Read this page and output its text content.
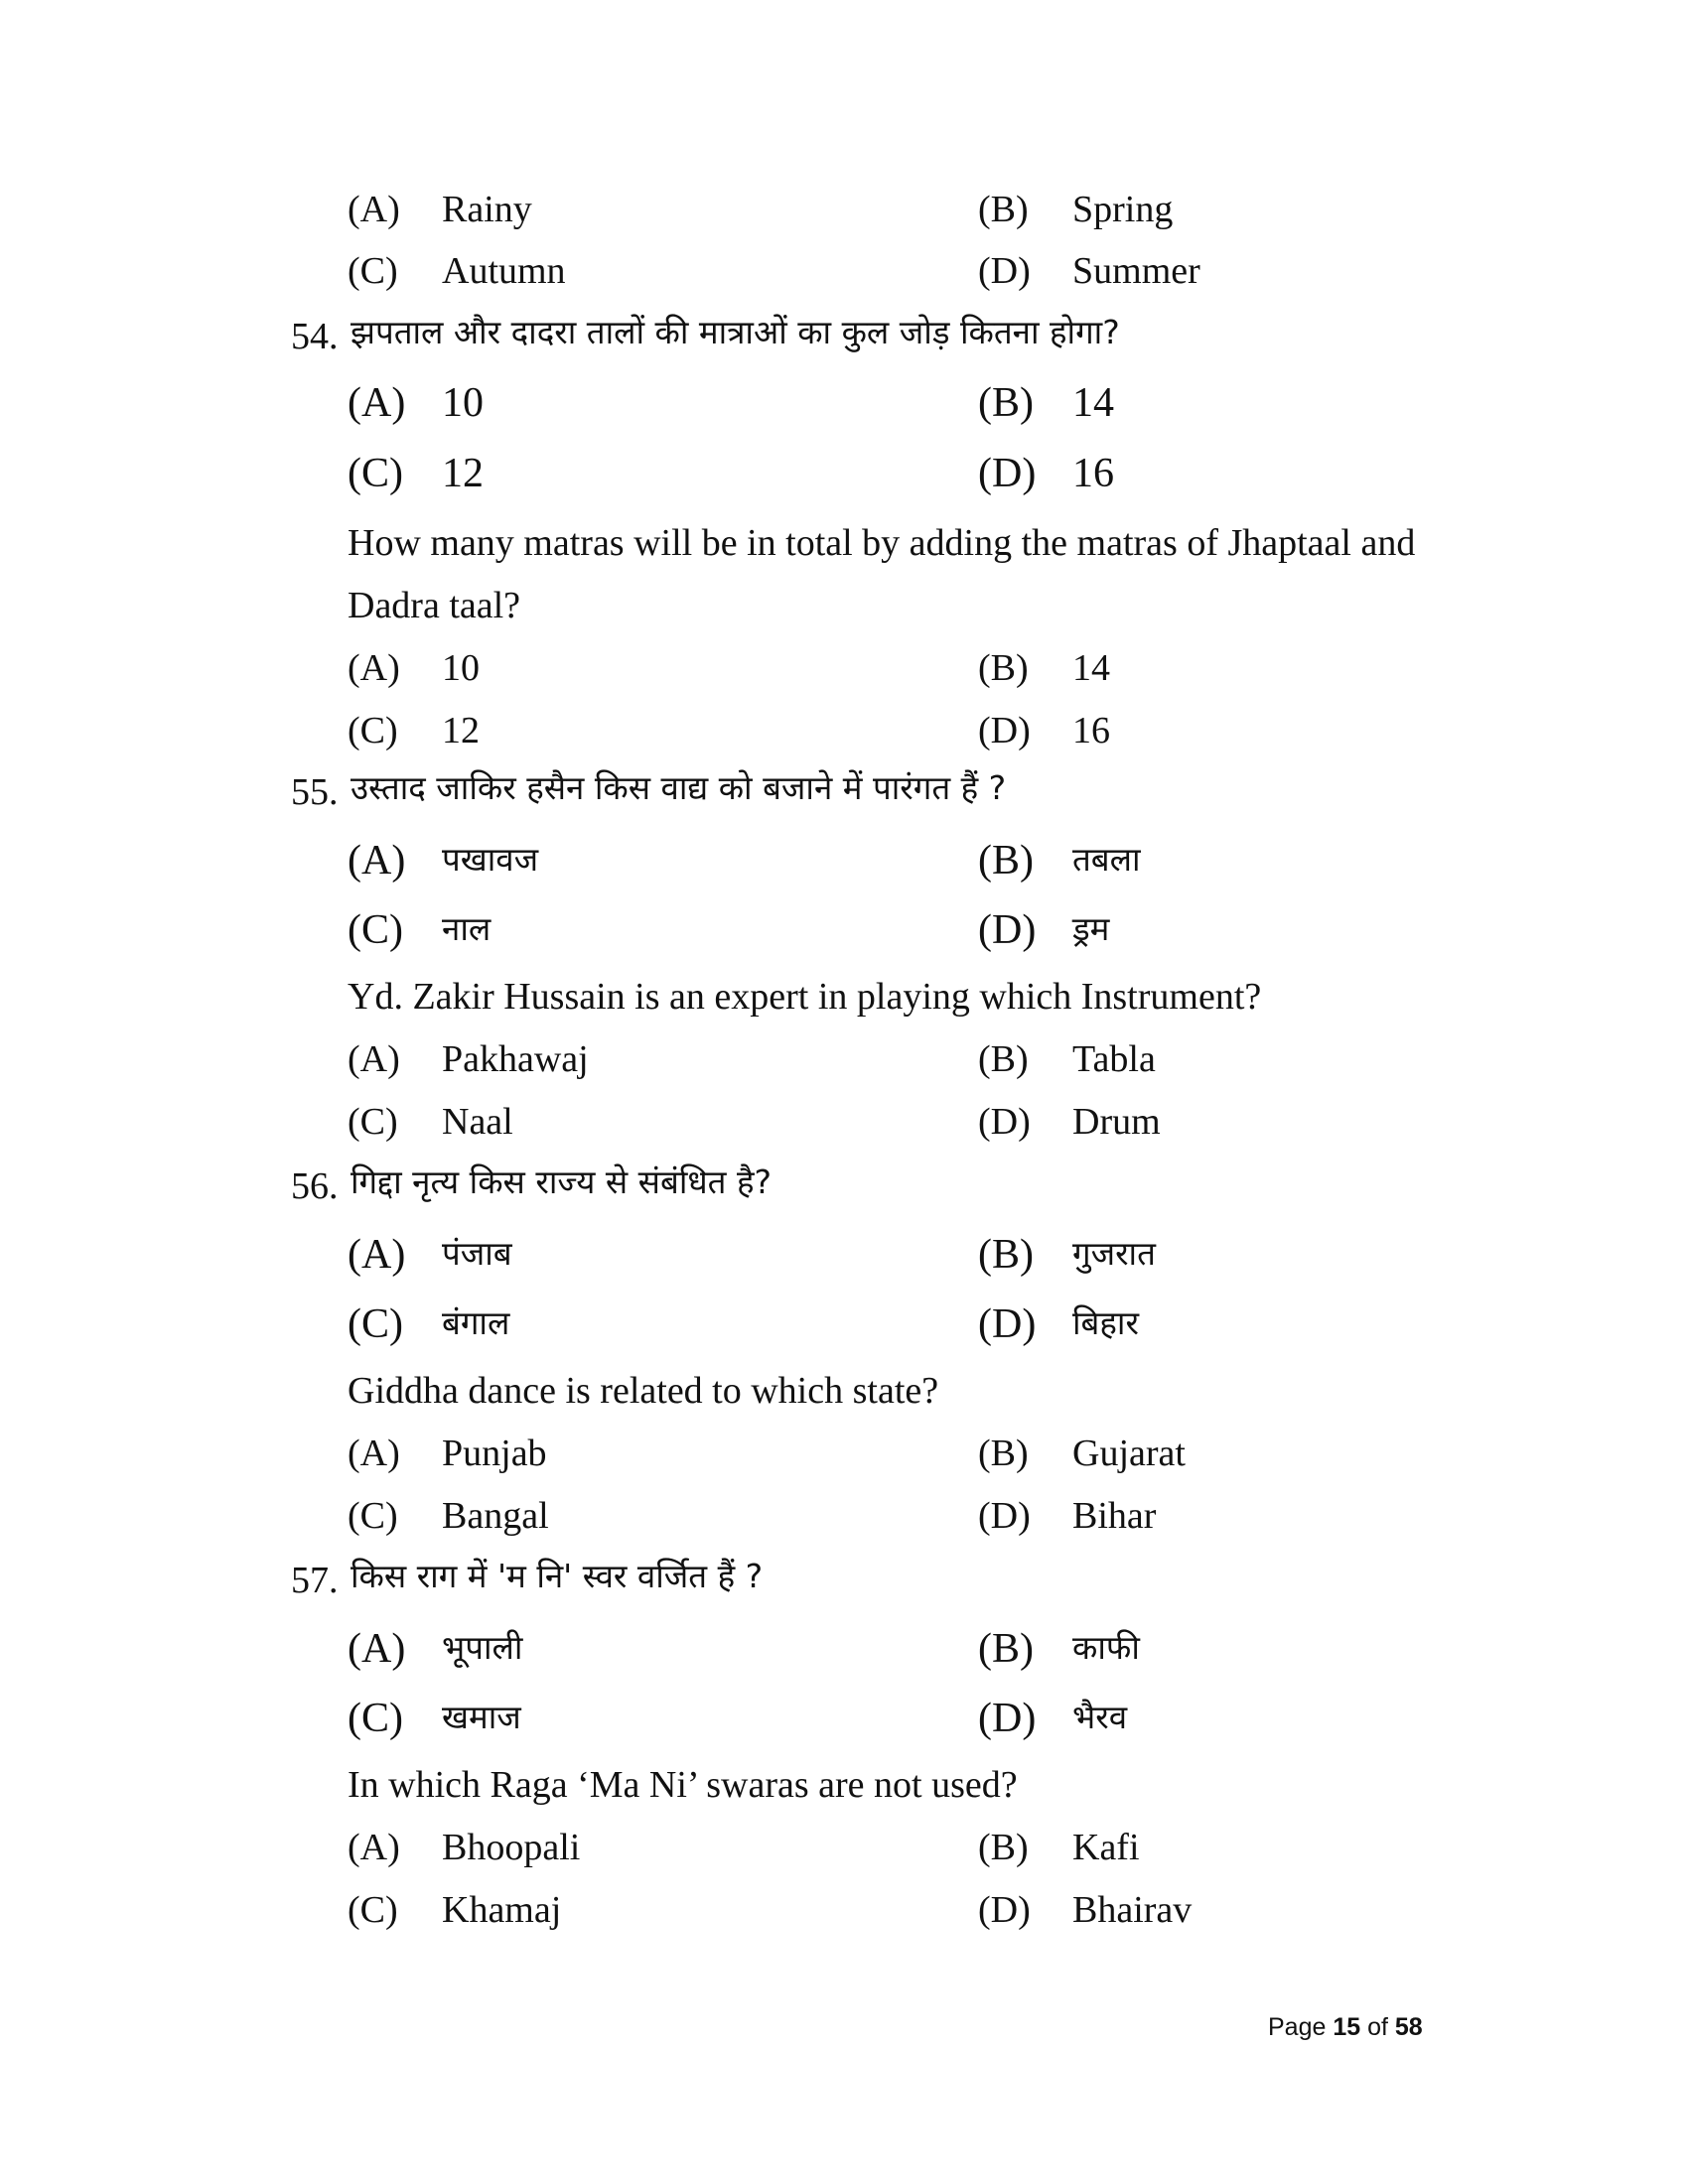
(A) Rainy	(B) Spring
(C) Autumn	(D) Summer
54. झपताल और दादरा तालों की मात्राओं का कुल जोड़ कितना होगा?
(A) 10	(B) 14
(C) 12	(D) 16
How many matras will be in total by adding the matras of Jhaptaal and
Dadra taal?
(A) 10	(B) 14
(C) 12	(D) 16
55. उस्ताद जाकिर हसैन किस वाद्य को बजाने में पारंगत हैं ?
(A) पखावज	(B) तबला
(C) नाल	(D) ड्रम
Yd. Zakir Hussain is an expert in playing which Instrument?
(A) Pakhawaj	(B) Tabla
(C) Naal	(D) Drum
56. गिद्दा नृत्य किस राज्य से संबंधित है?
(A) पंजाब	(B) गुजरात
(C) बंगाल	(D) बिहार
Giddha dance is related to which state?
(A) Punjab	(B) Gujarat
(C) Bangal	(D) Bihar
57. किस राग में 'म नि' स्वर वर्जित हैं ?
(A) भूपाली	(B) काफी
(C) खमाज	(D) भैरव
In which Raga ‘Ma Ni’ swaras are not used?
(A) Bhoopali	(B) Kafi
(C) Khamaj	(D) Bhairav
Page 15 of 58
